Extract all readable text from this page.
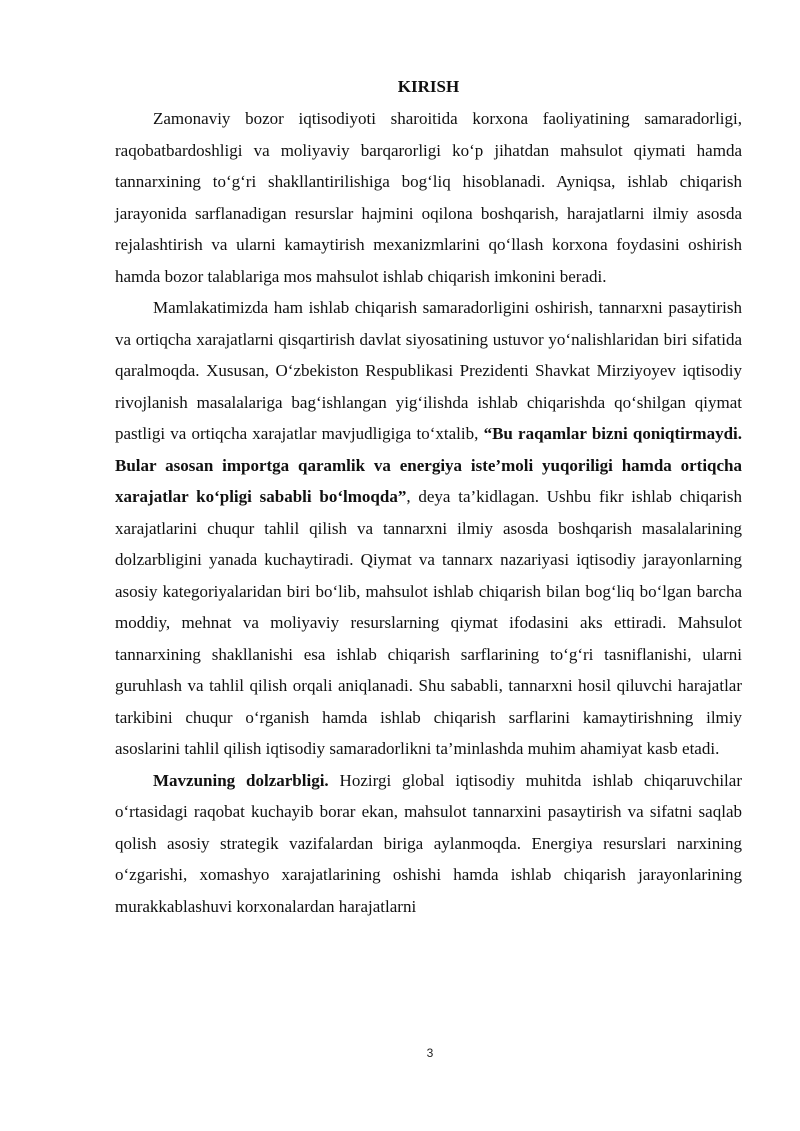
KIRISH

Zamonaviy bozor iqtisodiyoti sharoitida korxona faoliyatining samaradorligi, raqobatbardoshligi va moliyaviy barqarorligi ko‘p jihatdan mahsulot qiymati hamda tannarxining to‘g‘ri shakllantirilishiga bog‘liq hisoblanadi. Ayniqsa, ishlab chiqarish jarayonida sarflanadigan resurslar hajmini oqilona boshqarish, harajatlarni ilmiy asosda rejalashtirish va ularni kamaytirish mexanizmlarini qo‘llash korxona foydasini oshirish hamda bozor talablariga mos mahsulot ishlab chiqarish imkonini beradi.

Mamlakatimizda ham ishlab chiqarish samaradorligini oshirish, tannarxni pasaytirish va ortiqcha xarajatlarni qisqartirish davlat siyosatining ustuvor yo‘nalishlaridan biri sifatida qaralmoqda. Xususan, O‘zbekiston Respublikasi Prezidenti Shavkat Mirziyoyev iqtisodiy rivojlanish masalalariga bag‘ishlangan yig‘ilishda ishlab chiqarishda qo‘shilgan qiymat pastligi va ortiqcha xarajatlar mavjudligiga to‘xtalib, “Bu raqamlar bizni qoniqtirmaydi. Bular asosan importga qaramlik va energiya iste’moli yuqoriligi hamda ortiqcha xarajatlar ko‘pligi sababli bo‘lmoqda”, deya ta’kidlagan. Ushbu fikr ishlab chiqarish xarajatlarini chuqur tahlil qilish va tannarxni ilmiy asosda boshqarish masalalarining dolzarbligini yanada kuchaytiradi. Qiymat va tannarx nazariyasi iqtisodiy jarayonlarning asosiy kategoriyalaridan biri bo‘lib, mahsulot ishlab chiqarish bilan bog‘liq bo‘lgan barcha moddiy, mehnat va moliyaviy resurslarning qiymat ifodasini aks ettiradi. Mahsulot tannarxining shakllanishi esa ishlab chiqarish sarflarining to‘g‘ri tasniflanishi, ularni guruhlash va tahlil qilish orqali aniqlanadi. Shu sababli, tannarxni hosil qiluvchi harajatlar tarkibini chuqur o‘rganish hamda ishlab chiqarish sarflarini kamaytirishning ilmiy asoslarini tahlil qilish iqtisodiy samaradorlikni ta’minlashda muhim ahamiyat kasb etadi.

Mavzuning dolzarbligi. Hozirgi global iqtisodiy muhitda ishlab chiqaruvchilar o‘rtasidagi raqobat kuchayib borar ekan, mahsulot tannarxini pasaytirish va sifatni saqlab qolish asosiy strategik vazifalardan biriga aylanmoqda. Energiya resurslari narxining o‘zgarishi, xomashyo xarajatlarining oshishi hamda ishlab chiqarish jarayonlarining murakkablashuvi korxonalardan harajatlarni

3
